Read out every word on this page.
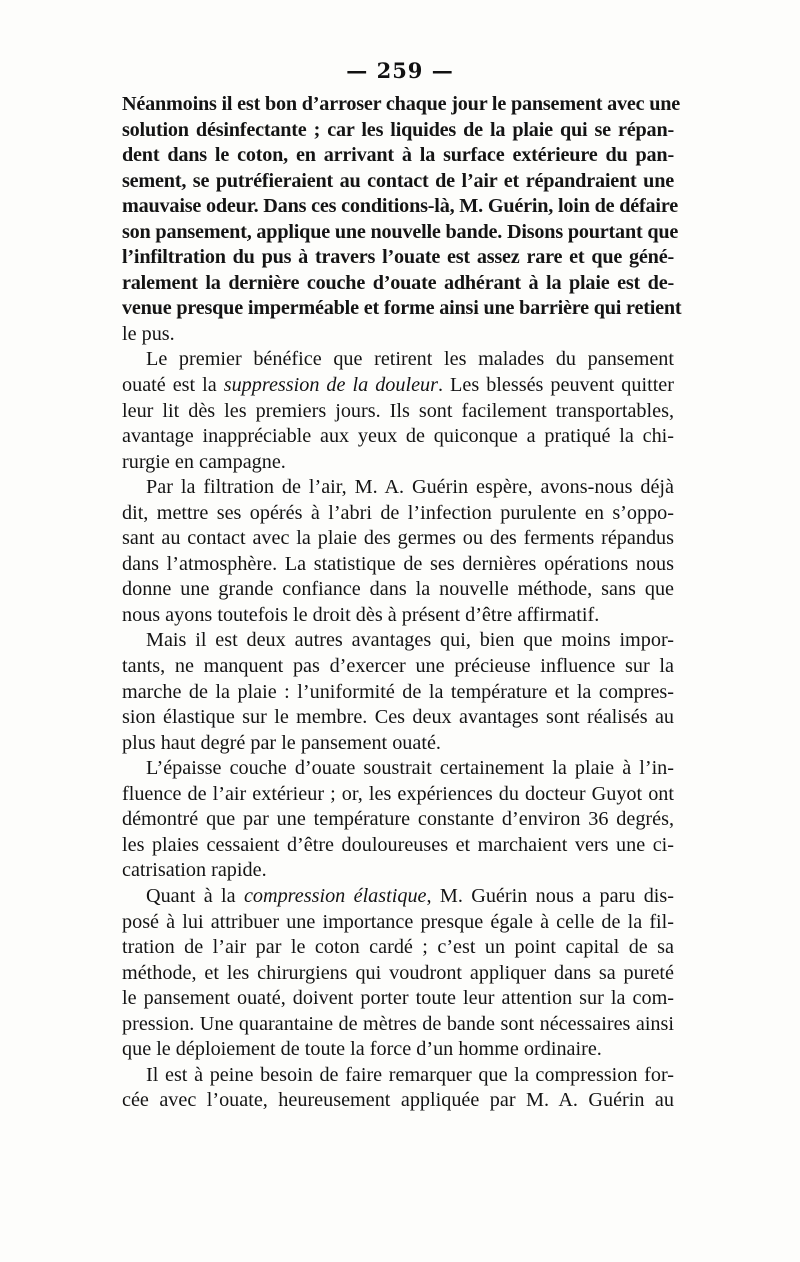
— 259 —
Néanmoins il est bon d’arroser chaque jour le pansement avec une
solution désinfectante ; car les liquides de la plaie qui se répan-
dent dans le coton, en arrivant à la surface extérieure du pan-
sement, se putréfieraient au contact de l’air et répandraient une
mauvaise odeur. Dans ces conditions-là, M. Guérin, loin de défaire
son pansement, applique une nouvelle bande. Disons pourtant que
l’infiltration du pus à travers l’ouate est assez rare et que géné-
ralement la dernière couche d’ouate adhérant à la plaie est de-
venue presque imperméable et forme ainsi une barrière qui retient
le pus.
Le premier bénéfice que retirent les malades du pansement
ouaté est la suppression de la douleur. Les blessés peuvent quitter
leur lit dès les premiers jours. Ils sont facilement transportables,
avantage inappréciable aux yeux de quiconque a pratiqué la chi-
rurgie en campagne.
Par la filtration de l’air, M. A. Guérin espère, avons-nous déjà
dit, mettre ses opérés à l’abri de l’infection purulente en s’oppo-
sant au contact avec la plaie des germes ou des ferments répandus
dans l’atmosphère. La statistique de ses dernières opérations nous
donne une grande confiance dans la nouvelle méthode, sans que
nous ayons toutefois le droit dès à présent d’être affirmatif.
Mais il est deux autres avantages qui, bien que moins impor-
tants, ne manquent pas d’exercer une précieuse influence sur la
marche de la plaie : l’uniformité de la température et la compres-
sion élastique sur le membre. Ces deux avantages sont réalisés au
plus haut degré par le pansement ouaté.
L’épaisse couche d’ouate soustrait certainement la plaie à l’in-
fluence de l’air extérieur ; or, les expériences du docteur Guyot ont
démontré que par une température constante d’environ 36 degrés,
les plaies cessaient d’être douloureuses et marchaient vers une ci-
catrisation rapide.
Quant à la compression élastique, M. Guérin nous a paru dis-
posé à lui attribuer une importance presque égale à celle de la fil-
tration de l’air par le coton cardé ; c’est un point capital de sa
méthode, et les chirurgiens qui voudront appliquer dans sa pureté
le pansement ouaté, doivent porter toute leur attention sur la com-
pression. Une quarantaine de mètres de bande sont nécessaires ainsi
que le déploiement de toute la force d’un homme ordinaire.
Il est à peine besoin de faire remarquer que la compression for-
cée avec l’ouate, heureusement appliquée par M. A. Guérin au
